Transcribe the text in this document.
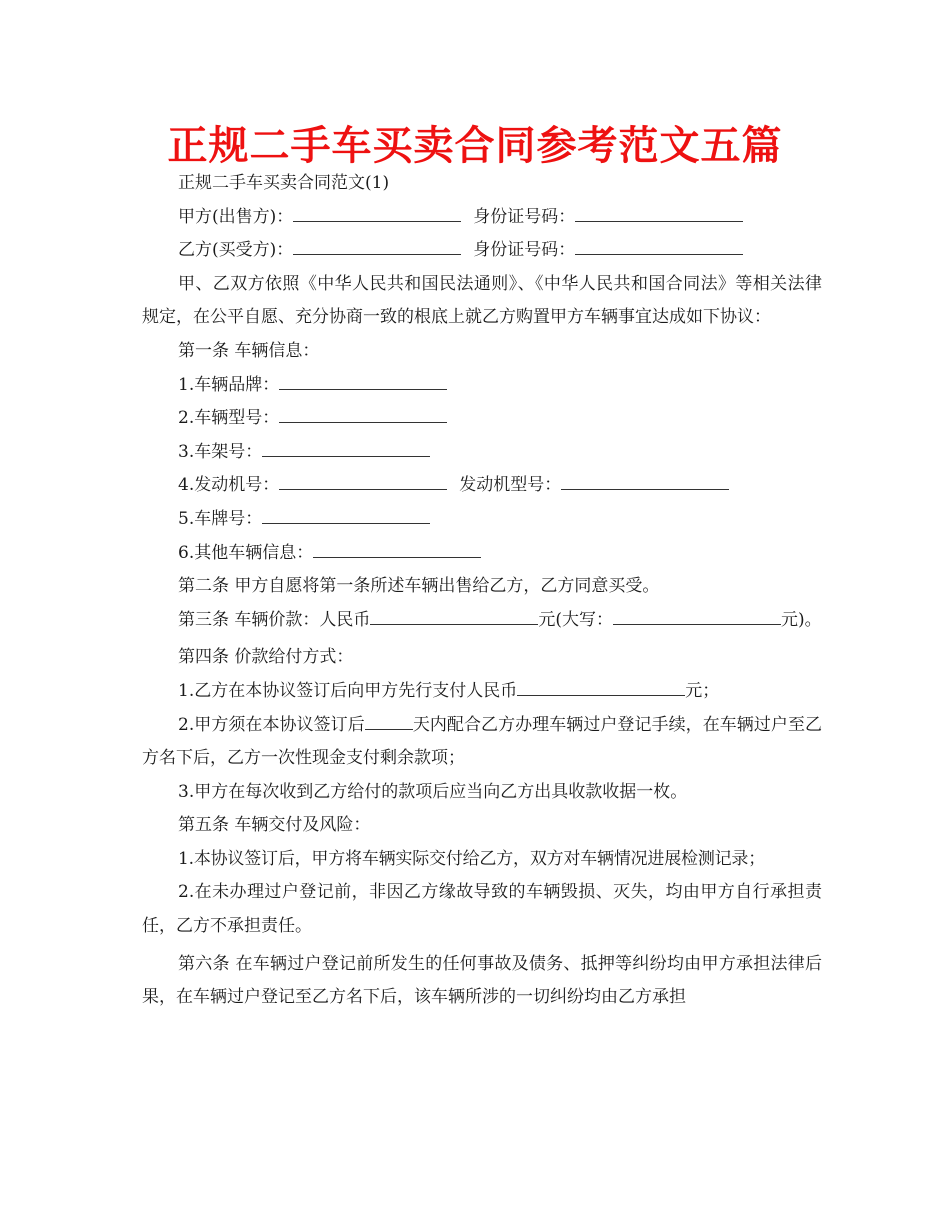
正规二手车买卖合同参考范文五篇

正规二手车买卖合同范文(1)

甲方(出售方)：	身份证号码：

乙方(买受方)：	身份证号码：

甲、乙双方依照《中华人民共和国民法通则》、《中华人民共和国合同法》等相关法律规定，在公平自愿、充分协商一致的根底上就乙方购置甲方车辆事宜达成如下协议：

第一条 车辆信息：

1.车辆品牌：

2.车辆型号：

3.车架号：

4.发动机号：	发动机型号：

5.车牌号：

6.其他车辆信息：

第二条 甲方自愿将第一条所述车辆出售给乙方，乙方同意买受。

第三条 车辆价款：人民币	元(大写：	元)。

第四条 价款给付方式：

1.乙方在本协议签订后向甲方先行支付人民币	元；

2.甲方须在本协议签订后	天内配合乙方办理车辆过户登记手续，在车辆过户至乙方名下后，乙方一次性现金支付剩余款项；

3.甲方在每次收到乙方给付的款项后应当向乙方出具收款收据一枚。

第五条 车辆交付及风险：

1.本协议签订后，甲方将车辆实际交付给乙方，双方对车辆情况进展检测记录；

2.在未办理过户登记前，非因乙方缘故导致的车辆毁损、灭失，均由甲方自行承担责任，乙方不承担责任。

第六条 在车辆过户登记前所发生的任何事故及债务、抵押等纠纷均由甲方承担法律后果，在车辆过户登记至乙方名下后，该车辆所涉的一切纠纷均由乙方承担
